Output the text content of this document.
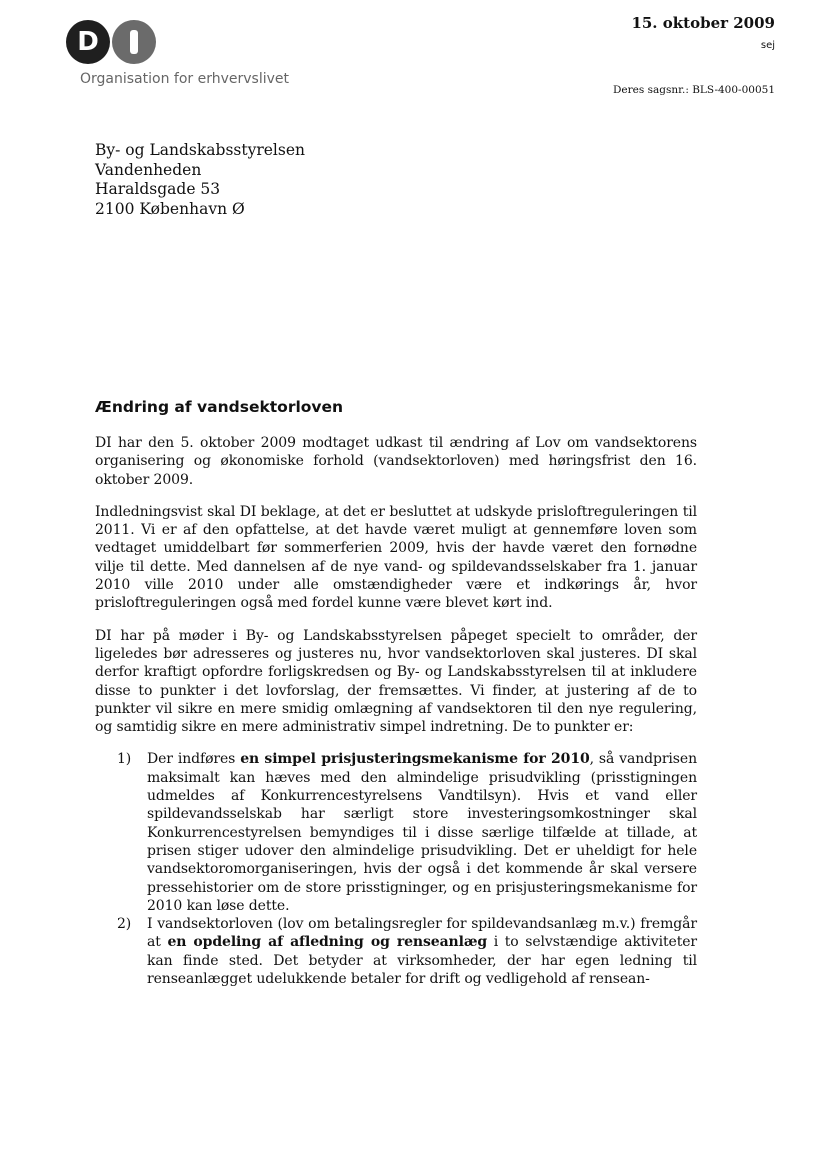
D
Organisation for erhvervslivet
15. oktober 2009
sej
Deres sagsnr.: BLS-400-00051
By- og Landskabsstyrelsen
Vandenheden
Haraldsgade 53
2100 København Ø
Ændring af vandsektorloven

DI har den 5. oktober 2009 modtaget udkast til ændring af Lov om vandsektorens organisering og økonomiske forhold (vandsektorloven) med høringsfrist den 16. oktober 2009.

Indledningsvist skal DI beklage, at det er besluttet at udskyde prisloftreguleringen til 2011. Vi er af den opfattelse, at det havde været muligt at gennemføre loven som vedtaget umiddelbart før sommerferien 2009, hvis der havde været den fornødne vilje til dette. Med dannelsen af de nye vand- og spildevandsselskaber fra 1. januar 2010 ville 2010 under alle omstændigheder være et indkørings år, hvor prisloftreguleringen også med fordel kunne være blevet kørt ind.

DI har på møder i By- og Landskabsstyrelsen påpeget specielt to områder, der ligeledes bør adresseres og justeres nu, hvor vandsektorloven skal justeres. DI skal derfor kraftigt opfordre forligskredsen og By- og Landskabsstyrelsen til at inkludere disse to punkter i det lovforslag, der fremsættes. Vi finder, at justering af de to punkter vil sikre en mere smidig omlægning af vandsektoren til den nye regulering, og samtidig sikre en mere administrativ simpel indretning. De to punkter er:

1)	Der indføres en simpel prisjusteringsmekanisme for 2010, så vandprisen maksimalt kan hæves med den almindelige prisudvikling (prisstigningen udmeldes af Konkurrencestyrelsens Vandtilsyn). Hvis et vand eller spildevandsselskab har særligt store investeringsomkostninger skal Konkurrencestyrelsen bemyndiges til i disse særlige tilfælde at tillade, at prisen stiger udover den almindelige prisudvikling. Det er uheldigt for hele vandsektoromorganiseringen, hvis der også i det kommende år skal versere pressehistorier om de store prisstigninger, og en prisjusteringsmekanisme for 2010 kan løse dette.
2)	I vandsektorloven (lov om betalingsregler for spildevandsanlæg m.v.) fremgår at en opdeling af afledning og renseanlæg i to selvstændige aktiviteter kan finde sted. Det betyder at virksomheder, der har egen ledning til renseanlægget udelukkende betaler for drift og vedligehold af rensean-
